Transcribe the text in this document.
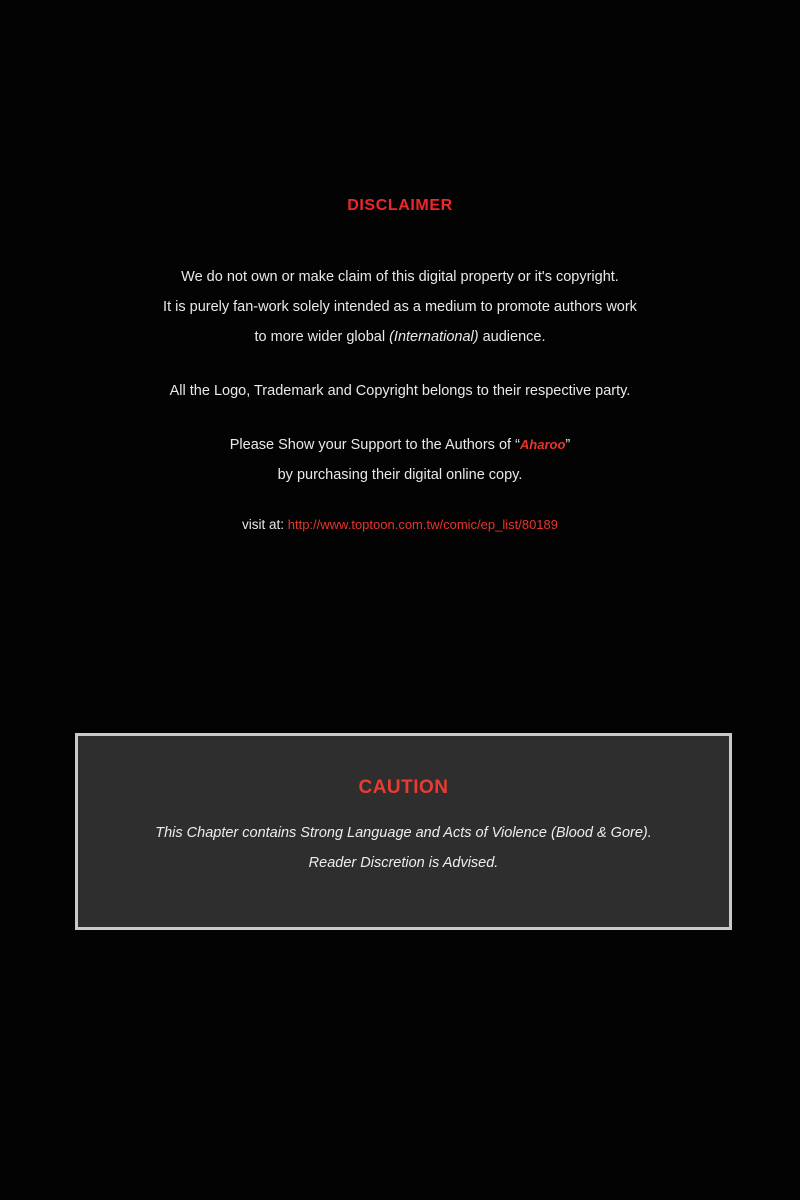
DISCLAIMER
We do not own or make claim of this digital property or it's copyright.
It is purely fan-work solely intended as a medium to promote authors work
to more wider global (International) audience.
All the Logo, Trademark and Copyright belongs to their respective party.
Please Show your Support to the Authors of “Aharoo”
by purchasing their digital online copy.
visit at: http://www.toptoon.com.tw/comic/ep_list/80189
CAUTION
This Chapter contains Strong Language and Acts of Violence (Blood & Gore).
Reader Discretion is Advised.
